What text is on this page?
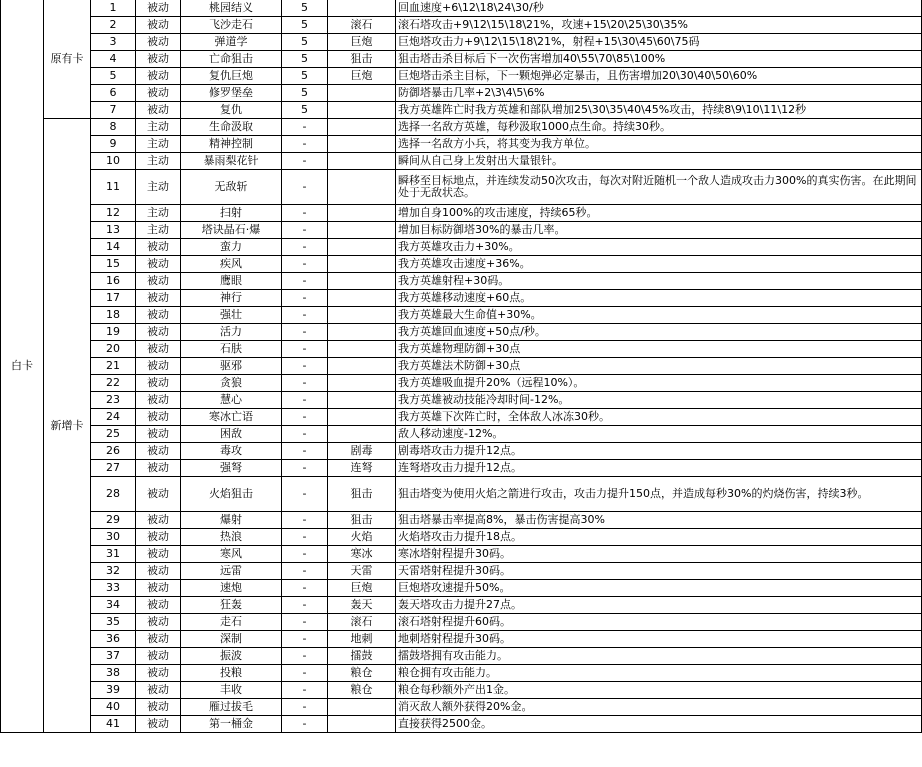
白卡	原有卡	1	被动	桃园结义	5		回血速度+6\12\18\24\30/秒
		2	被动	飞沙走石	5	滚石	滚石塔攻击+9\12\15\18\21%，攻速+15\20\25\30\35%
		3	被动	弹道学	5	巨炮	巨炮塔攻击力+9\12\15\18\21%，射程+15\30\45\60\75码
		4	被动	亡命狙击	5	狙击	狙击塔击杀目标后下一次伤害增加40\55\70\85\100%
		5	被动	复仇巨炮	5	巨炮	巨炮塔击杀主目标，下一颗炮弹必定暴击，且伤害增加20\30\40\50\60%
		6	被动	修罗堡垒	5		防御塔暴击几率+2\3\4\5\6%
		7	被动	复仇	5		我方英雄阵亡时我方英雄和部队增加25\30\35\40\45%攻击，持续8\9\10\11\12秒
	新增卡	8	主动	生命汲取	-		选择一名敌方英雄，每秒汲取1000点生命。持续30秒。
		9	主动	精神控制	-		选择一名敌方小兵，将其变为我方单位。
		10	主动	暴雨梨花针	-		瞬间从自己身上发射出大量银针。
		11	主动	无敌斩	-		瞬移至目标地点，并连续发动50次攻击，每次对附近随机一个敌人造成攻击力300%的真实伤害。在此期间处于无敌状态。
		12	主动	扫射	-		增加自身100%的攻击速度，持续65秒。
		13	主动	塔诀晶石·爆	-		增加目标防御塔30%的暴击几率。
		14	被动	蛮力	-		我方英雄攻击力+30%。
		15	被动	疾风	-		我方英雄攻击速度+36%。
		16	被动	鹰眼	-		我方英雄射程+30码。
		17	被动	神行	-		我方英雄移动速度+60点。
		18	被动	强壮	-		我方英雄最大生命值+30%。
		19	被动	活力	-		我方英雄回血速度+50点/秒。
		20	被动	石肤	-		我方英雄物理防御+30点
		21	被动	驱邪	-		我方英雄法术防御+30点
		22	被动	贪狼	-		我方英雄吸血提升20%（远程10%）。
		23	被动	慧心	-		我方英雄被动技能冷却时间-12%。
		24	被动	寒冰亡语	-		我方英雄下次阵亡时，全体敌人冰冻30秒。
		25	被动	困敌	-		敌人移动速度-12%。
		26	被动	毒攻	-	剧毒	剧毒塔攻击力提升12点。
		27	被动	强弩	-	连弩	连弩塔攻击力提升12点。
		28	被动	火焰狙击	-	狙击	狙击塔变为使用火焰之箭进行攻击，攻击力提升150点，并造成每秒30%的灼烧伤害，持续3秒。
		29	被动	爆射	-	狙击	狙击塔暴击率提高8%，暴击伤害提高30%
		30	被动	热浪	-	火焰	火焰塔攻击力提升18点。
		31	被动	寒风	-	寒冰	寒冰塔射程提升30码。
		32	被动	远雷	-	天雷	天雷塔射程提升30码。
		33	被动	速炮	-	巨炮	巨炮塔攻速提升50%。
		34	被动	狂轰	-	轰天	轰天塔攻击力提升27点。
		35	被动	走石	-	滚石	滚石塔射程提升60码。
		36	被动	深制	-	地刺	地刺塔射程提升30码。
		37	被动	振波	-	擂鼓	擂鼓塔拥有攻击能力。
		38	被动	投粮	-	粮仓	粮仓拥有攻击能力。
		39	被动	丰收	-	粮仓	粮仓每秒额外产出1金。
		40	被动	雁过拔毛	-		消灭敌人额外获得20%金。
		41	被动	第一桶金	-		直接获得2500金。
